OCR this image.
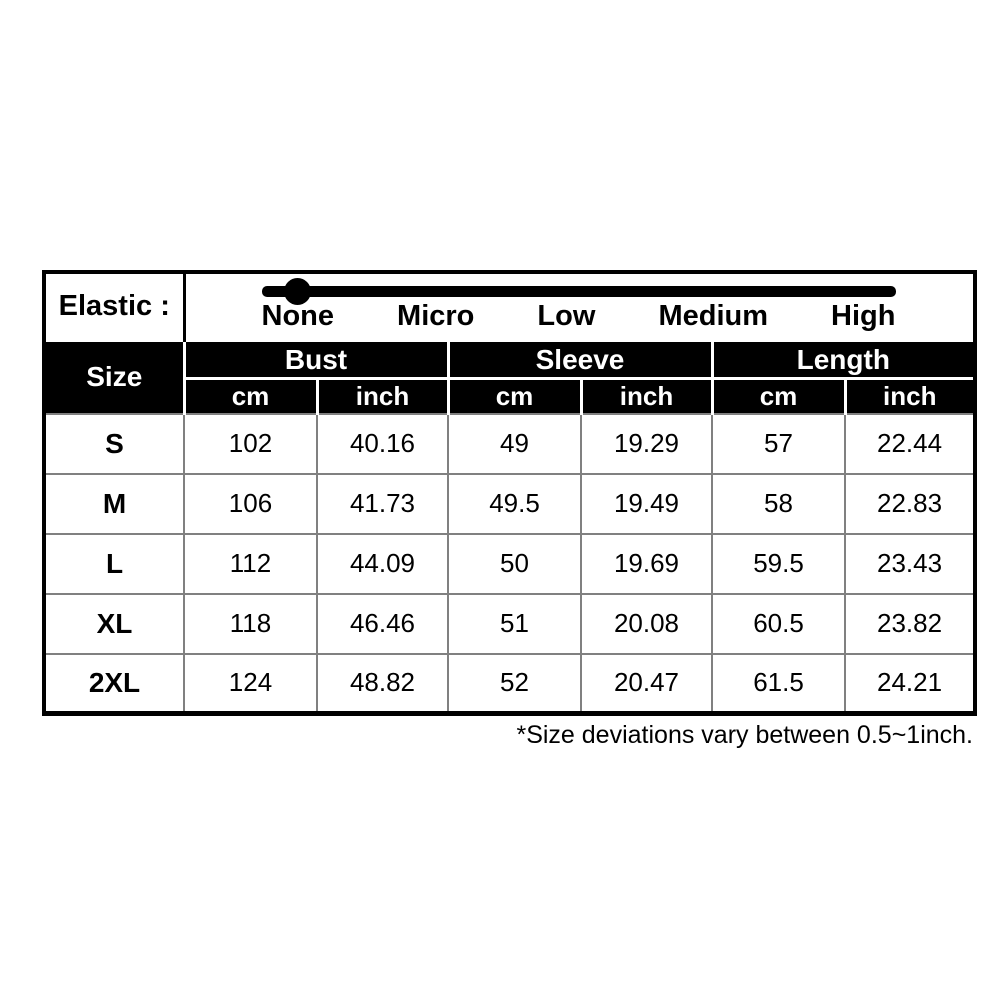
Elastic :	None Micro Low Medium High					

Size	Bust		Sleeve		Length	
	cm	inch	cm	inch	cm	inch
S	102	40.16	49	19.29	57	22.44
M	106	41.73	49.5	19.49	58	22.83
L	112	44.09	50	19.69	59.5	23.43
XL	118	46.46	51	20.08	60.5	23.82
2XL	124	48.82	52	20.47	61.5	24.21
*Size deviations vary between 0.5~1inch.
